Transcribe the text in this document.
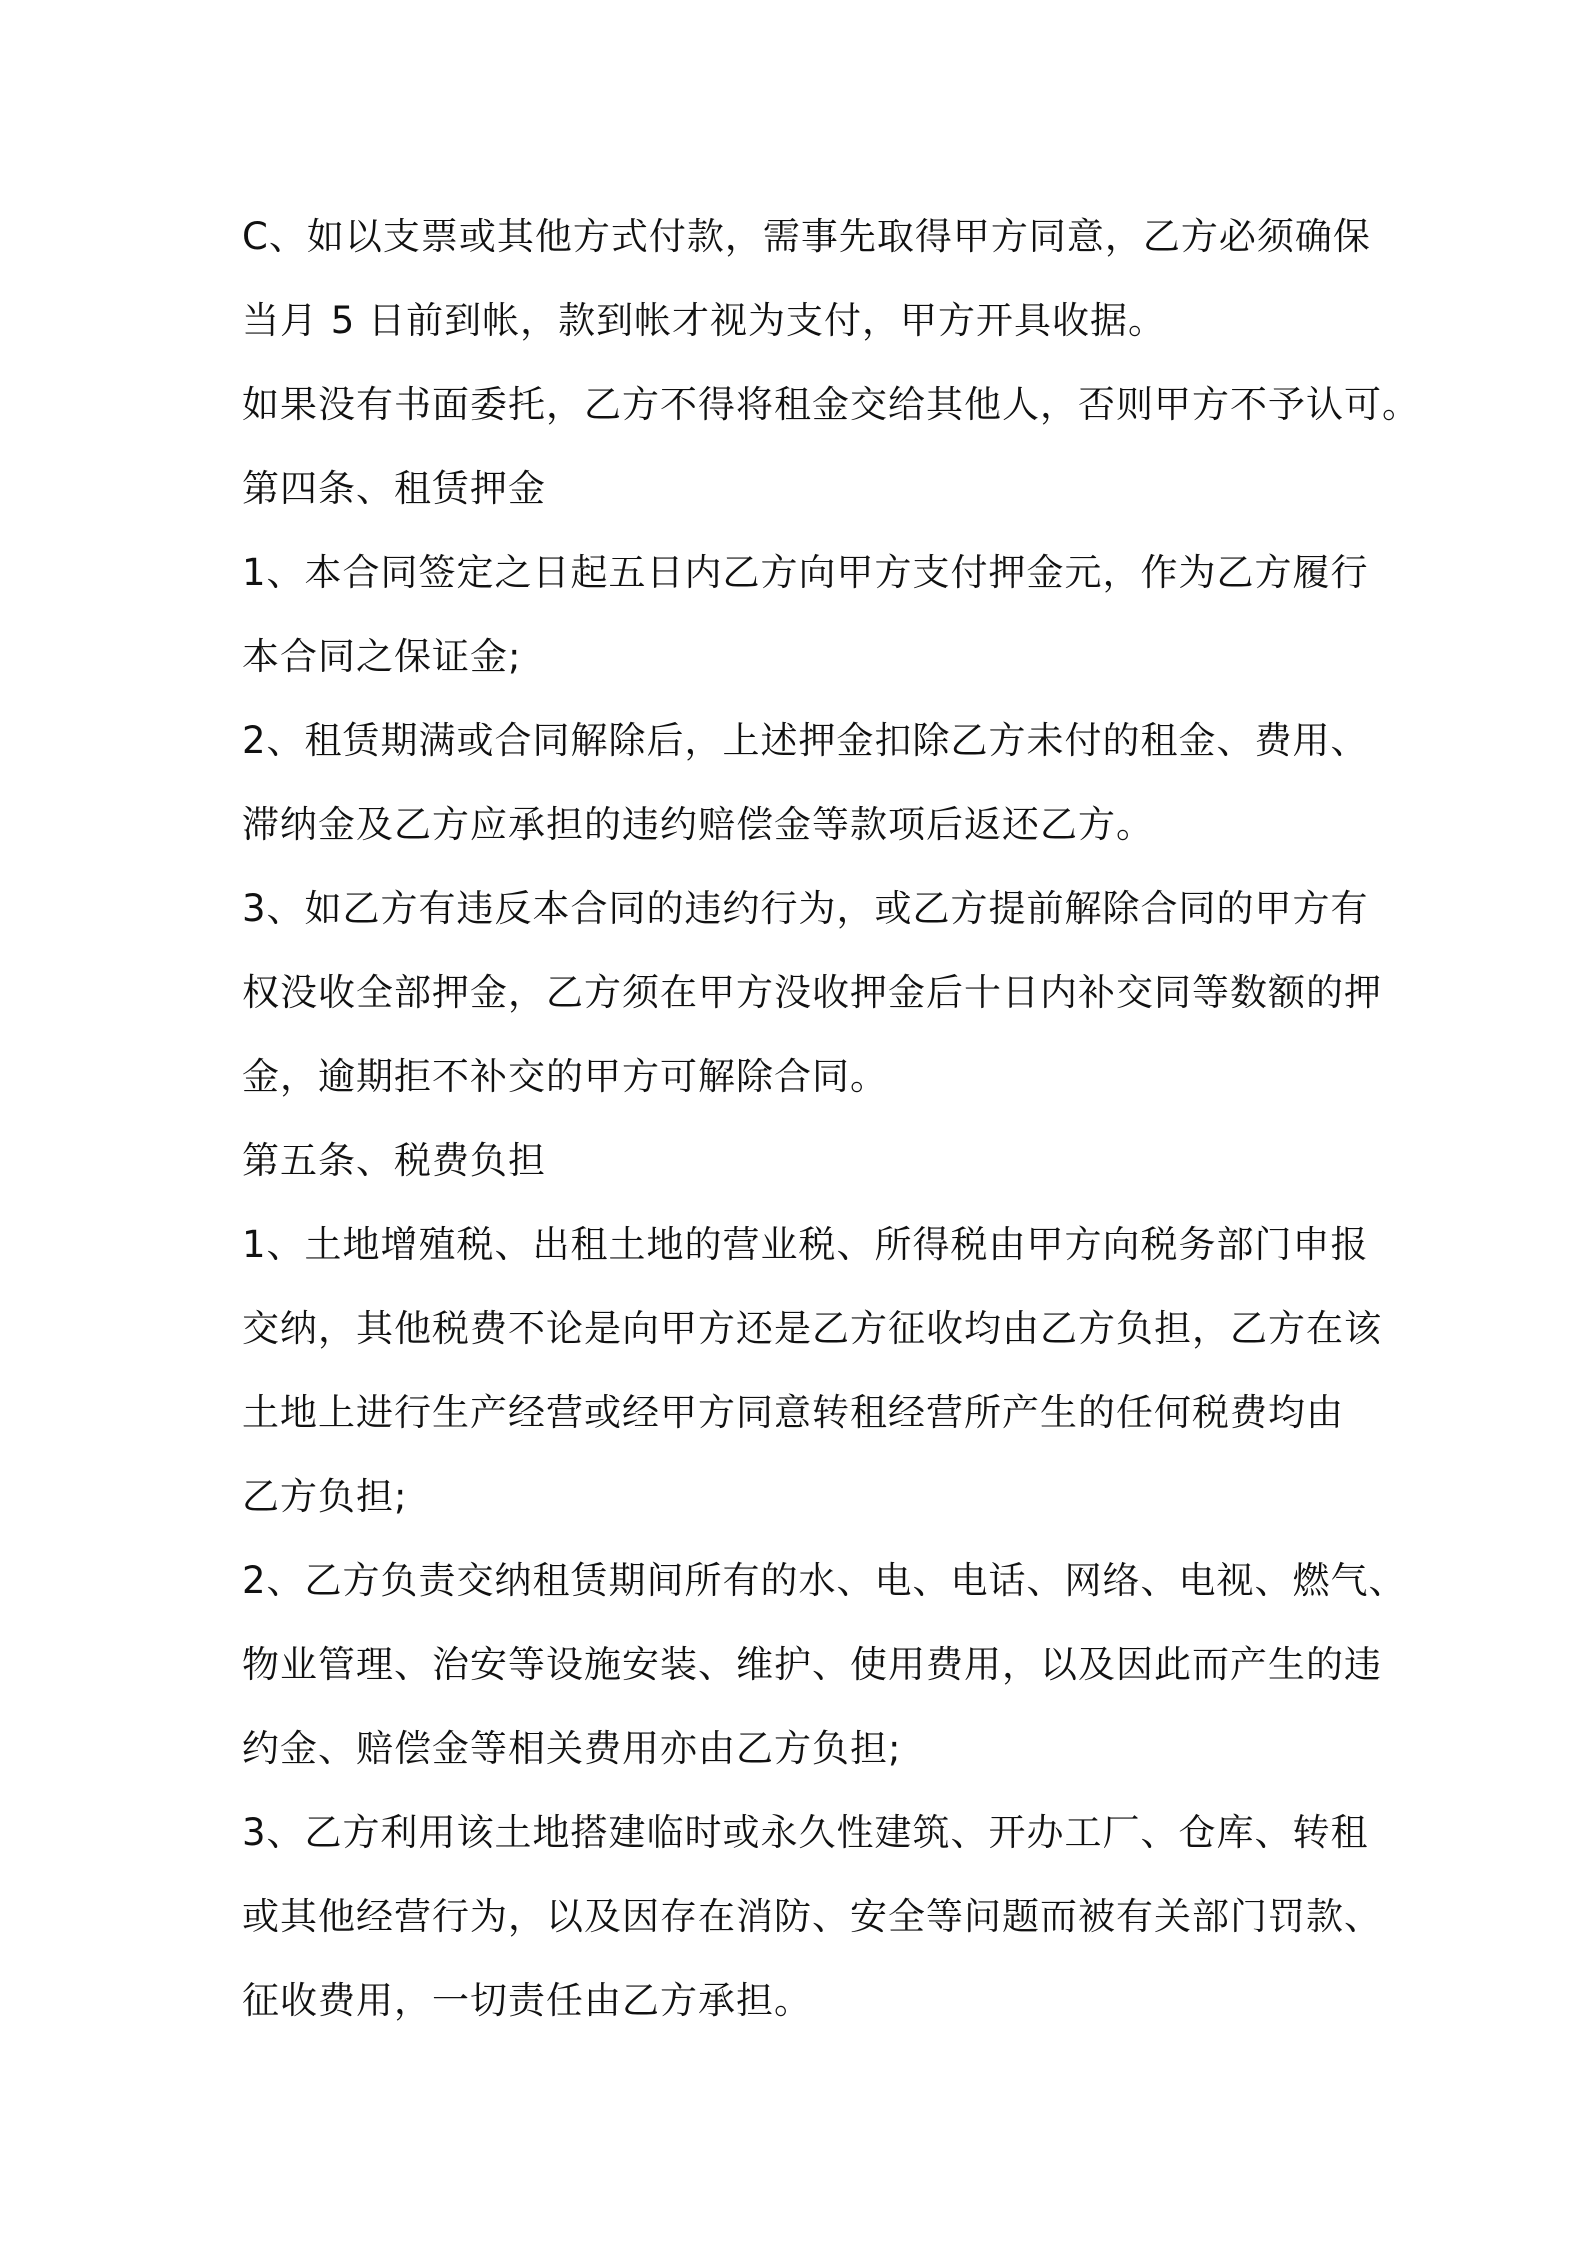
C、如以支票或其他方式付款，需事先取得甲方同意，乙方必须确保
当月 5 日前到帐，款到帐才视为支付，甲方开具收据。
如果没有书面委托，乙方不得将租金交给其他人，否则甲方不予认可。
第四条、租赁押金
1、本合同签定之日起五日内乙方向甲方支付押金元，作为乙方履行
本合同之保证金;
2、租赁期满或合同解除后，上述押金扣除乙方未付的租金、费用、
滞纳金及乙方应承担的违约赔偿金等款项后返还乙方。
3、如乙方有违反本合同的违约行为，或乙方提前解除合同的甲方有
权没收全部押金，乙方须在甲方没收押金后十日内补交同等数额的押
金，逾期拒不补交的甲方可解除合同。
第五条、税费负担
1、土地增殖税、出租土地的营业税、所得税由甲方向税务部门申报
交纳，其他税费不论是向甲方还是乙方征收均由乙方负担，乙方在该
土地上进行生产经营或经甲方同意转租经营所产生的任何税费均由
乙方负担;
2、乙方负责交纳租赁期间所有的水、电、电话、网络、电视、燃气、
物业管理、治安等设施安装、维护、使用费用，以及因此而产生的违
约金、赔偿金等相关费用亦由乙方负担;
3、乙方利用该土地搭建临时或永久性建筑、开办工厂、仓库、转租
或其他经营行为，以及因存在消防、安全等问题而被有关部门罚款、
征收费用，一切责任由乙方承担。
